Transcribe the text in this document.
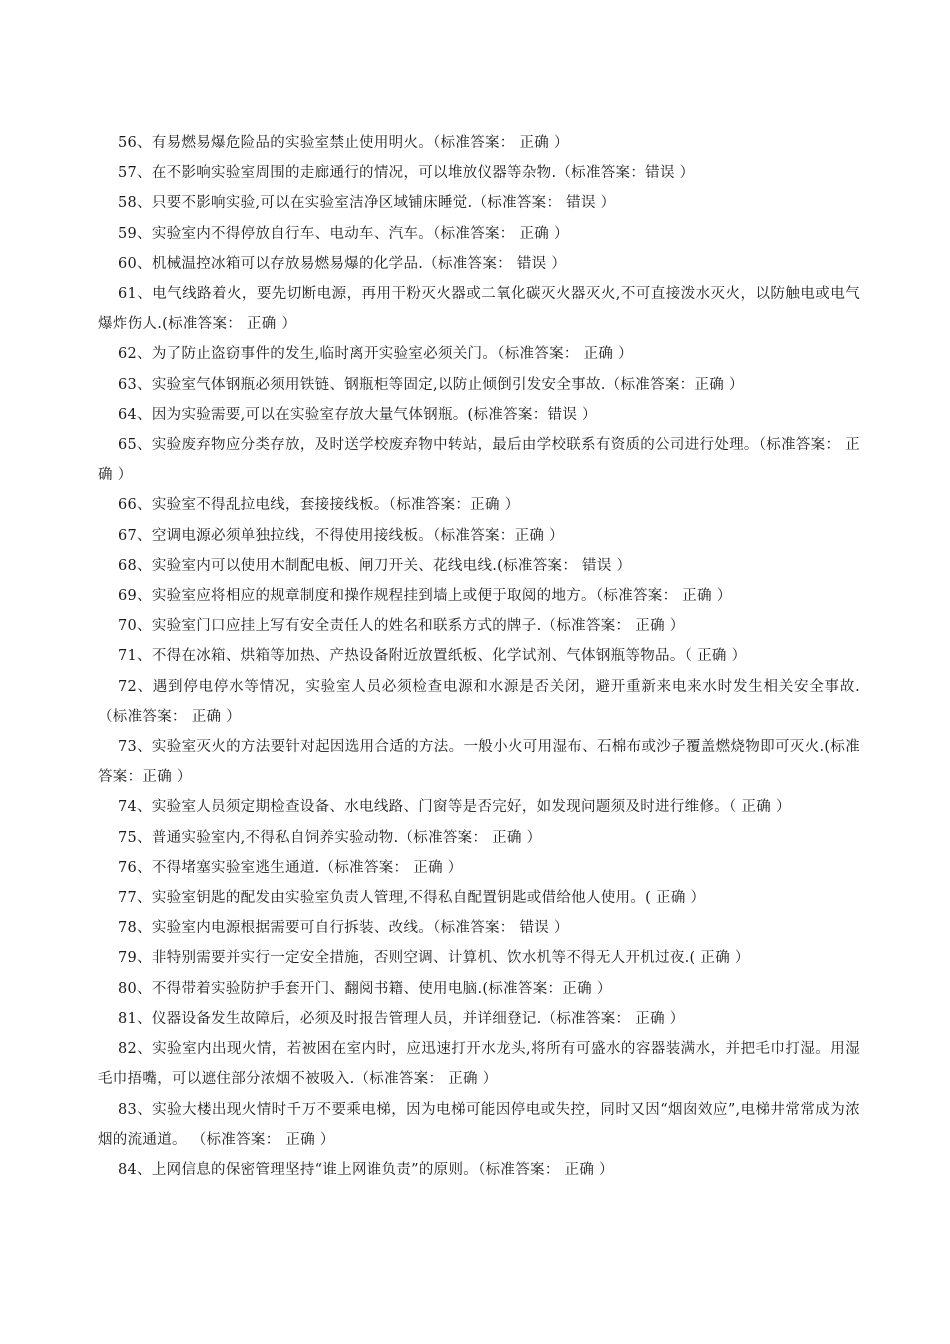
56、有易燃易爆危险品的实验室禁止使用明火。（标准答案： 正确 ）

57、在不影响实验室周围的走廊通行的情况，可以堆放仪器等杂物.（标准答案：错误 ）

58、只要不影响实验,可以在实验室洁净区域铺床睡觉.（标准答案： 错误 ）

59、实验室内不得停放自行车、电动车、汽车。（标准答案： 正确 ）

60、机械温控冰箱可以存放易燃易爆的化学品.（标准答案： 错误 ）

61、电气线路着火，要先切断电源，再用干粉灭火器或二氧化碳灭火器灭火,不可直接泼水灭火，以防触电或电气爆炸伤人.(标准答案： 正确 ）

62、为了防止盗窃事件的发生,临时离开实验室必须关门。（标准答案： 正确 ）

63、实验室气体钢瓶必须用铁链、钢瓶柜等固定,以防止倾倒引发安全事故.（标准答案：正确 ）

64、因为实验需要,可以在实验室存放大量气体钢瓶。(标准答案：错误 ）

65、实验废弃物应分类存放，及时送学校废弃物中转站，最后由学校联系有资质的公司进行处理。（标准答案： 正确 ）

66、实验室不得乱拉电线，套接接线板。（标准答案：正确 ）

67、空调电源必须单独拉线，不得使用接线板。（标准答案：正确 ）

68、实验室内可以使用木制配电板、闸刀开关、花线电线.(标准答案： 错误 ）

69、实验室应将相应的规章制度和操作规程挂到墙上或便于取阅的地方。（标准答案： 正确 ）

70、实验室门口应挂上写有安全责任人的姓名和联系方式的牌子.（标准答案： 正确 ）

71、不得在冰箱、烘箱等加热、产热设备附近放置纸板、化学试剂、气体钢瓶等物品。（ 正确 ）

72、遇到停电停水等情况，实验室人员必须检查电源和水源是否关闭，避开重新来电来水时发生相关安全事故.（标准答案： 正确 ）

73、实验室灭火的方法要针对起因选用合适的方法。一般小火可用湿布、石棉布或沙子覆盖燃烧物即可灭火.(标准答案：正确 ）

74、实验室人员须定期检查设备、水电线路、门窗等是否完好，如发现问题须及时进行维修。（ 正确 ）

75、普通实验室内,不得私自饲养实验动物.（标准答案： 正确 ）

76、不得堵塞实验室逃生通道.（标准答案： 正确 ）

77、实验室钥匙的配发由实验室负责人管理,不得私自配置钥匙或借给他人使用。( 正确 ）

78、实验室内电源根据需要可自行拆装、改线。（标准答案： 错误 ）

79、非特别需要并实行一定安全措施，否则空调、计算机、饮水机等不得无人开机过夜.( 正确 ）

80、不得带着实验防护手套开门、翻阅书籍、使用电脑.(标准答案：正确 ）

81、仪器设备发生故障后，必须及时报告管理人员，并详细登记.（标准答案： 正确 ）

82、实验室内出现火情，若被困在室内时，应迅速打开水龙头,将所有可盛水的容器装满水，并把毛巾打湿。用湿毛巾捂嘴，可以遮住部分浓烟不被吸入.（标准答案： 正确 ）

83、实验大楼出现火情时千万不要乘电梯，因为电梯可能因停电或失控，同时又因“烟囱效应”,电梯井常常成为浓烟的流通道。 （标准答案： 正确 ）

84、上网信息的保密管理坚持“谁上网谁负责”的原则。（标准答案： 正确 ）
